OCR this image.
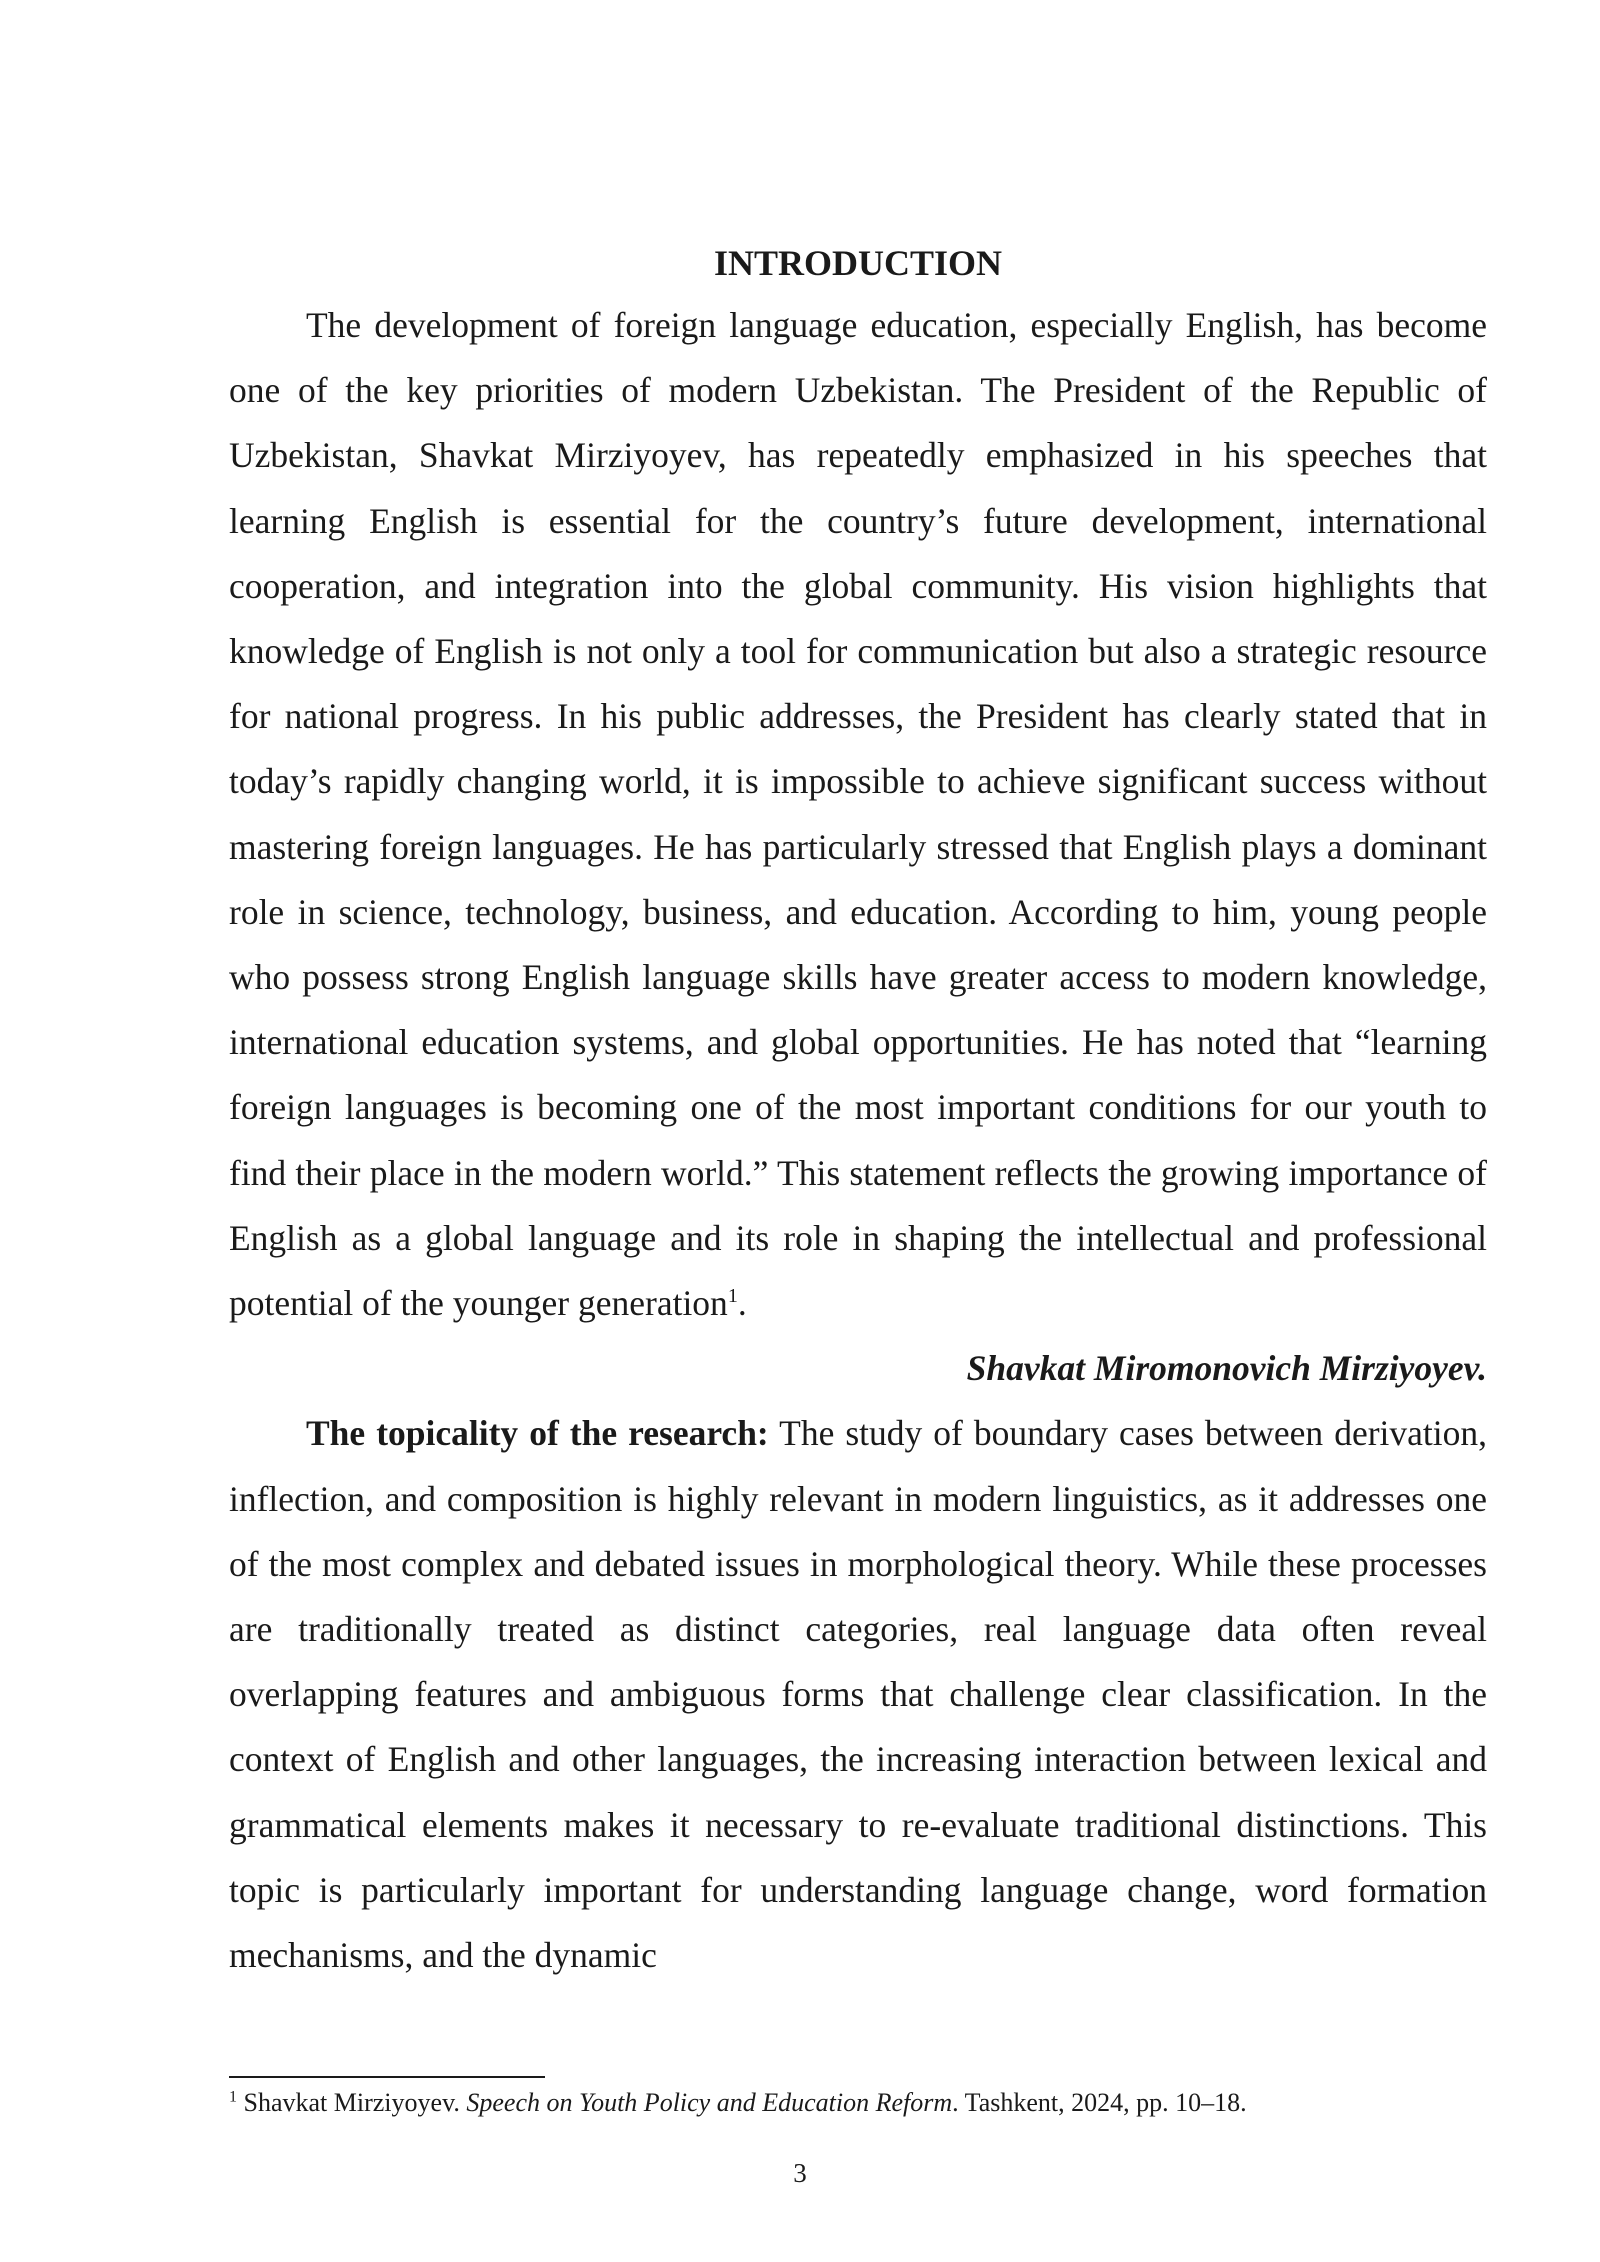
INTRODUCTION

The development of foreign language education, especially English, has become one of the key priorities of modern Uzbekistan. The President of the Republic of Uzbekistan, Shavkat Mirziyoyev, has repeatedly emphasized in his speeches that learning English is essential for the country’s future development, international cooperation, and integration into the global community. His vision highlights that knowledge of English is not only a tool for communication but also a strategic resource for national progress. In his public addresses, the President has clearly stated that in today’s rapidly changing world, it is impossible to achieve significant success without mastering foreign languages. He has particularly stressed that English plays a dominant role in science, technology, business, and education. According to him, young people who possess strong English language skills have greater access to modern knowledge, international education systems, and global opportunities. He has noted that “learning foreign languages is becoming one of the most important conditions for our youth to find their place in the modern world.” This statement reflects the growing importance of English as a global language and its role in shaping the intellectual and professional potential of the younger generation$^1$.

Shavkat Miromonovich Mirziyoyev.

The topicality of the research: The study of boundary cases between derivation, inflection, and composition is highly relevant in modern linguistics, as it addresses one of the most complex and debated issues in morphological theory. While these processes are traditionally treated as distinct categories, real language data often reveal overlapping features and ambiguous forms that challenge clear classification. In the context of English and other languages, the increasing interaction between lexical and grammatical elements makes it necessary to re-evaluate traditional distinctions. This topic is particularly important for understanding language change, word formation mechanisms, and the dynamic

$^1$ Shavkat Mirziyoyev. Speech on Youth Policy and Education Reform. Tashkent, 2024, pp. 10–18.
3
